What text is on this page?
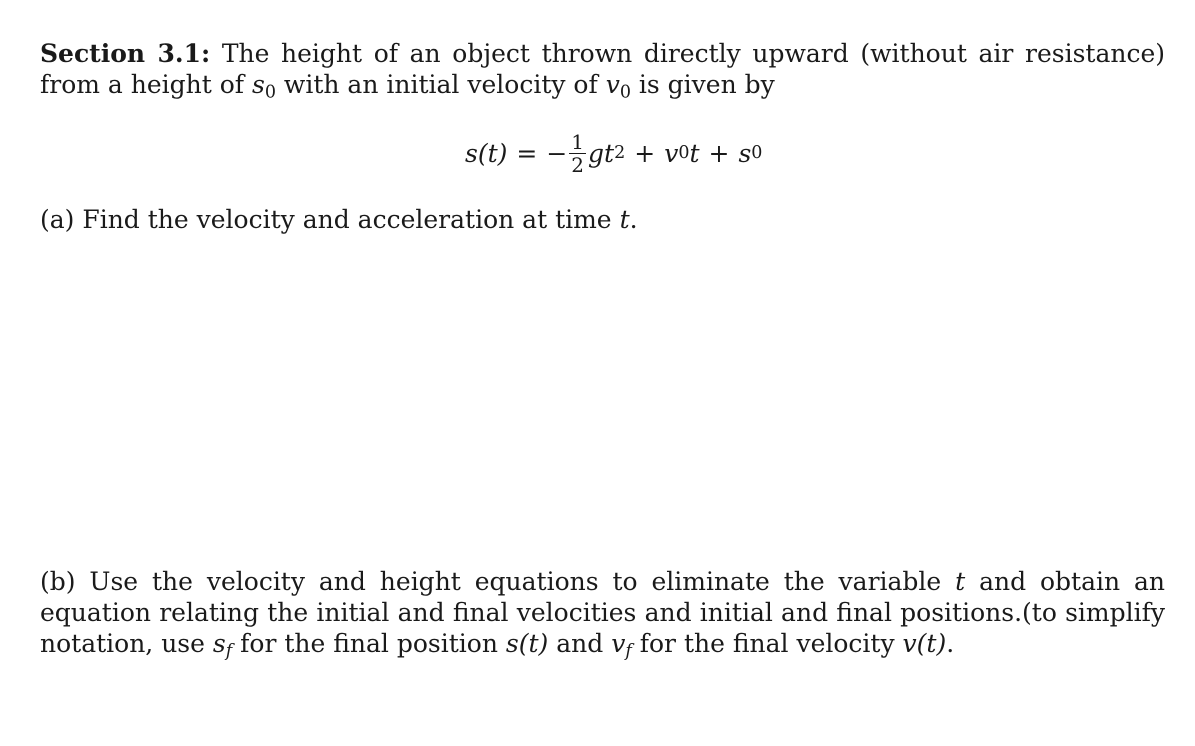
Section 3.1: The height of an object thrown directly upward (without air resistance) from a height of $s_0$ with an initial velocity of $v_0$ is given by
s(t) = − $\frac{1}{2}$ gt 2 + v 0 t + s 0
(a) Find the velocity and acceleration at time t.
(b) Use the velocity and height equations to eliminate the variable t and obtain an equation relating the initial and final velocities and initial and final positions.(to simplify notation, use sf for the final position s(t) and vf for the final velocity v(t).
